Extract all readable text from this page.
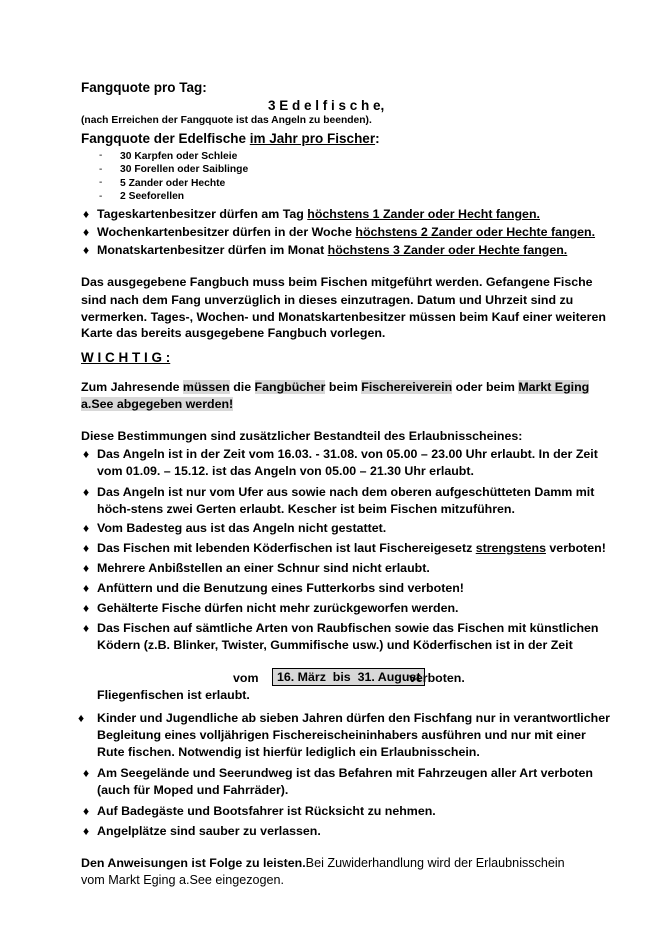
Fangquote pro Tag:
3 E d e l f i s c h e,
(nach Erreichen der Fangquote ist das Angeln zu beenden).
Fangquote der Edelfische im Jahr pro Fischer:
- 30 Karpfen oder Schleie
- 30 Forellen oder Saiblinge
- 5 Zander oder Hechte
- 2 Seeforellen
♦ Tageskartenbesitzer dürfen am Tag höchstens 1 Zander oder Hecht fangen.
♦ Wochenkartenbesitzer dürfen in der Woche höchstens 2 Zander oder Hechte fangen.
♦ Monatskartenbesitzer dürfen im Monat höchstens 3 Zander oder Hechte fangen.
Das ausgegebene Fangbuch muss beim Fischen mitgeführt werden. Gefangene Fische
sind nach dem Fang unverzüglich in dieses einzutragen. Datum und Uhrzeit sind zu
vermerken. Tages-, Wochen- und Monatskartenbesitzer müssen beim Kauf einer weiteren
Karte das bereits ausgegebene Fangbuch vorlegen.
W I C H T I G :
Zum Jahresende müssen die Fangbücher beim Fischereiverein oder beim Markt Eging
a.See abgegeben werden!
Diese Bestimmungen sind zusätzlicher Bestandteil des Erlaubnisscheines:
♦ Das Angeln ist in der Zeit vom 16.03. - 31.08. von 05.00 – 23.00 Uhr erlaubt. In der Zeit
vom 01.09. – 15.12. ist das Angeln von 05.00 – 21.30 Uhr erlaubt.
♦ Das Angeln ist nur vom Ufer aus sowie nach dem oberen aufgeschütteten Damm mit
höch-stens zwei Gerten erlaubt. Kescher ist beim Fischen mitzuführen.
♦ Vom Badesteg aus ist das Angeln nicht gestattet.
♦ Das Fischen mit lebenden Köderfischen ist laut Fischereigesetz strengstens verboten!
♦ Mehrere Anbißstellen an einer Schnur sind nicht erlaubt.
♦ Anfüttern und die Benutzung eines Futterkorbs sind verboten!
♦ Gehälterte Fische dürfen nicht mehr zurückgeworfen werden.
♦ Das Fischen auf sämtliche Arten von Raubfischen sowie das Fischen mit künstlichen
Ködern (z.B. Blinker, Twister, Gummifische usw.) und Köderfischen ist in der Zeit
vom	16. März  bis  31. August
verboten.
Fliegenfischen ist erlaubt.
♦ Kinder und Jugendliche ab sieben Jahren dürfen den Fischfang nur in verantwortlicher
Begleitung eines volljährigen Fischereischeininhabers ausführen und nur mit einer
Rute fischen. Notwendig ist hierfür lediglich ein Erlaubnisschein.
♦ Am Seegelände und Seerundweg ist das Befahren mit Fahrzeugen aller Art verboten
(auch für Moped und Fahrräder).
♦ Auf Badegäste und Bootsfahrer ist Rücksicht zu nehmen.
♦ Angelplätze sind sauber zu verlassen.
Den Anweisungen ist Folge zu leisten.Bei Zuwiderhandlung wird der Erlaubnisschein
vom Markt Eging a.See eingezogen.
